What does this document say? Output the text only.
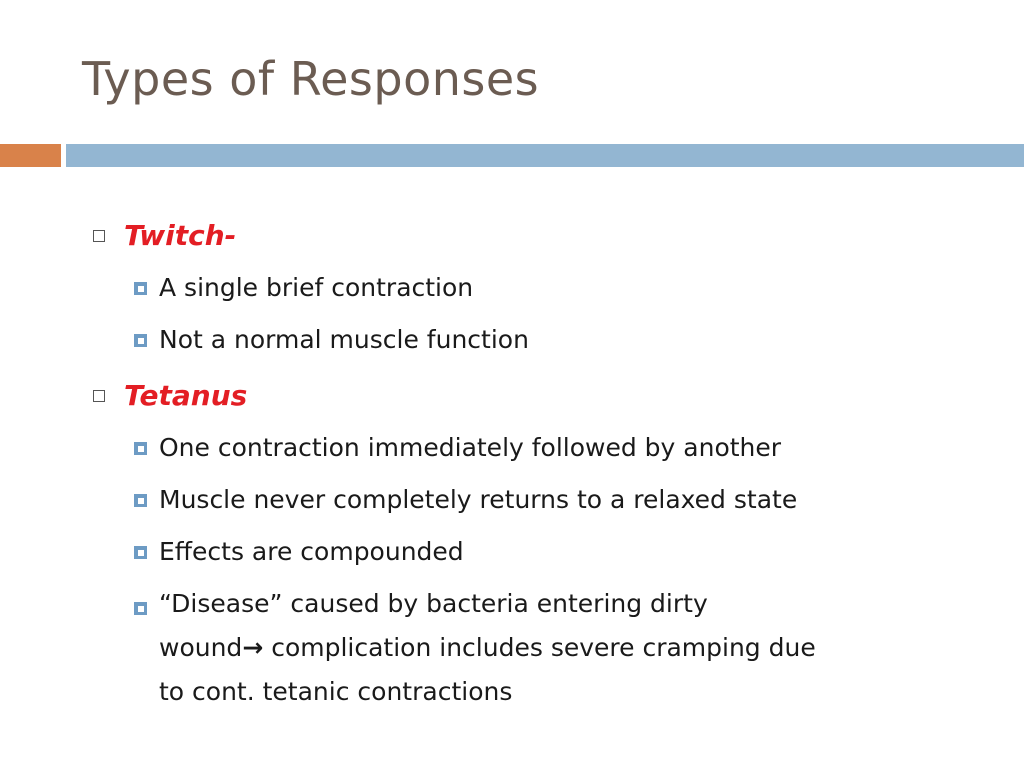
Types of Responses
Twitch-
A single brief contraction
Not a normal muscle function
Tetanus
One contraction immediately followed by another
Muscle never completely returns to a relaxed state
Effects are compounded
“Disease” caused by bacteria entering dirty
wound→ complication includes severe cramping due
to cont. tetanic contractions
